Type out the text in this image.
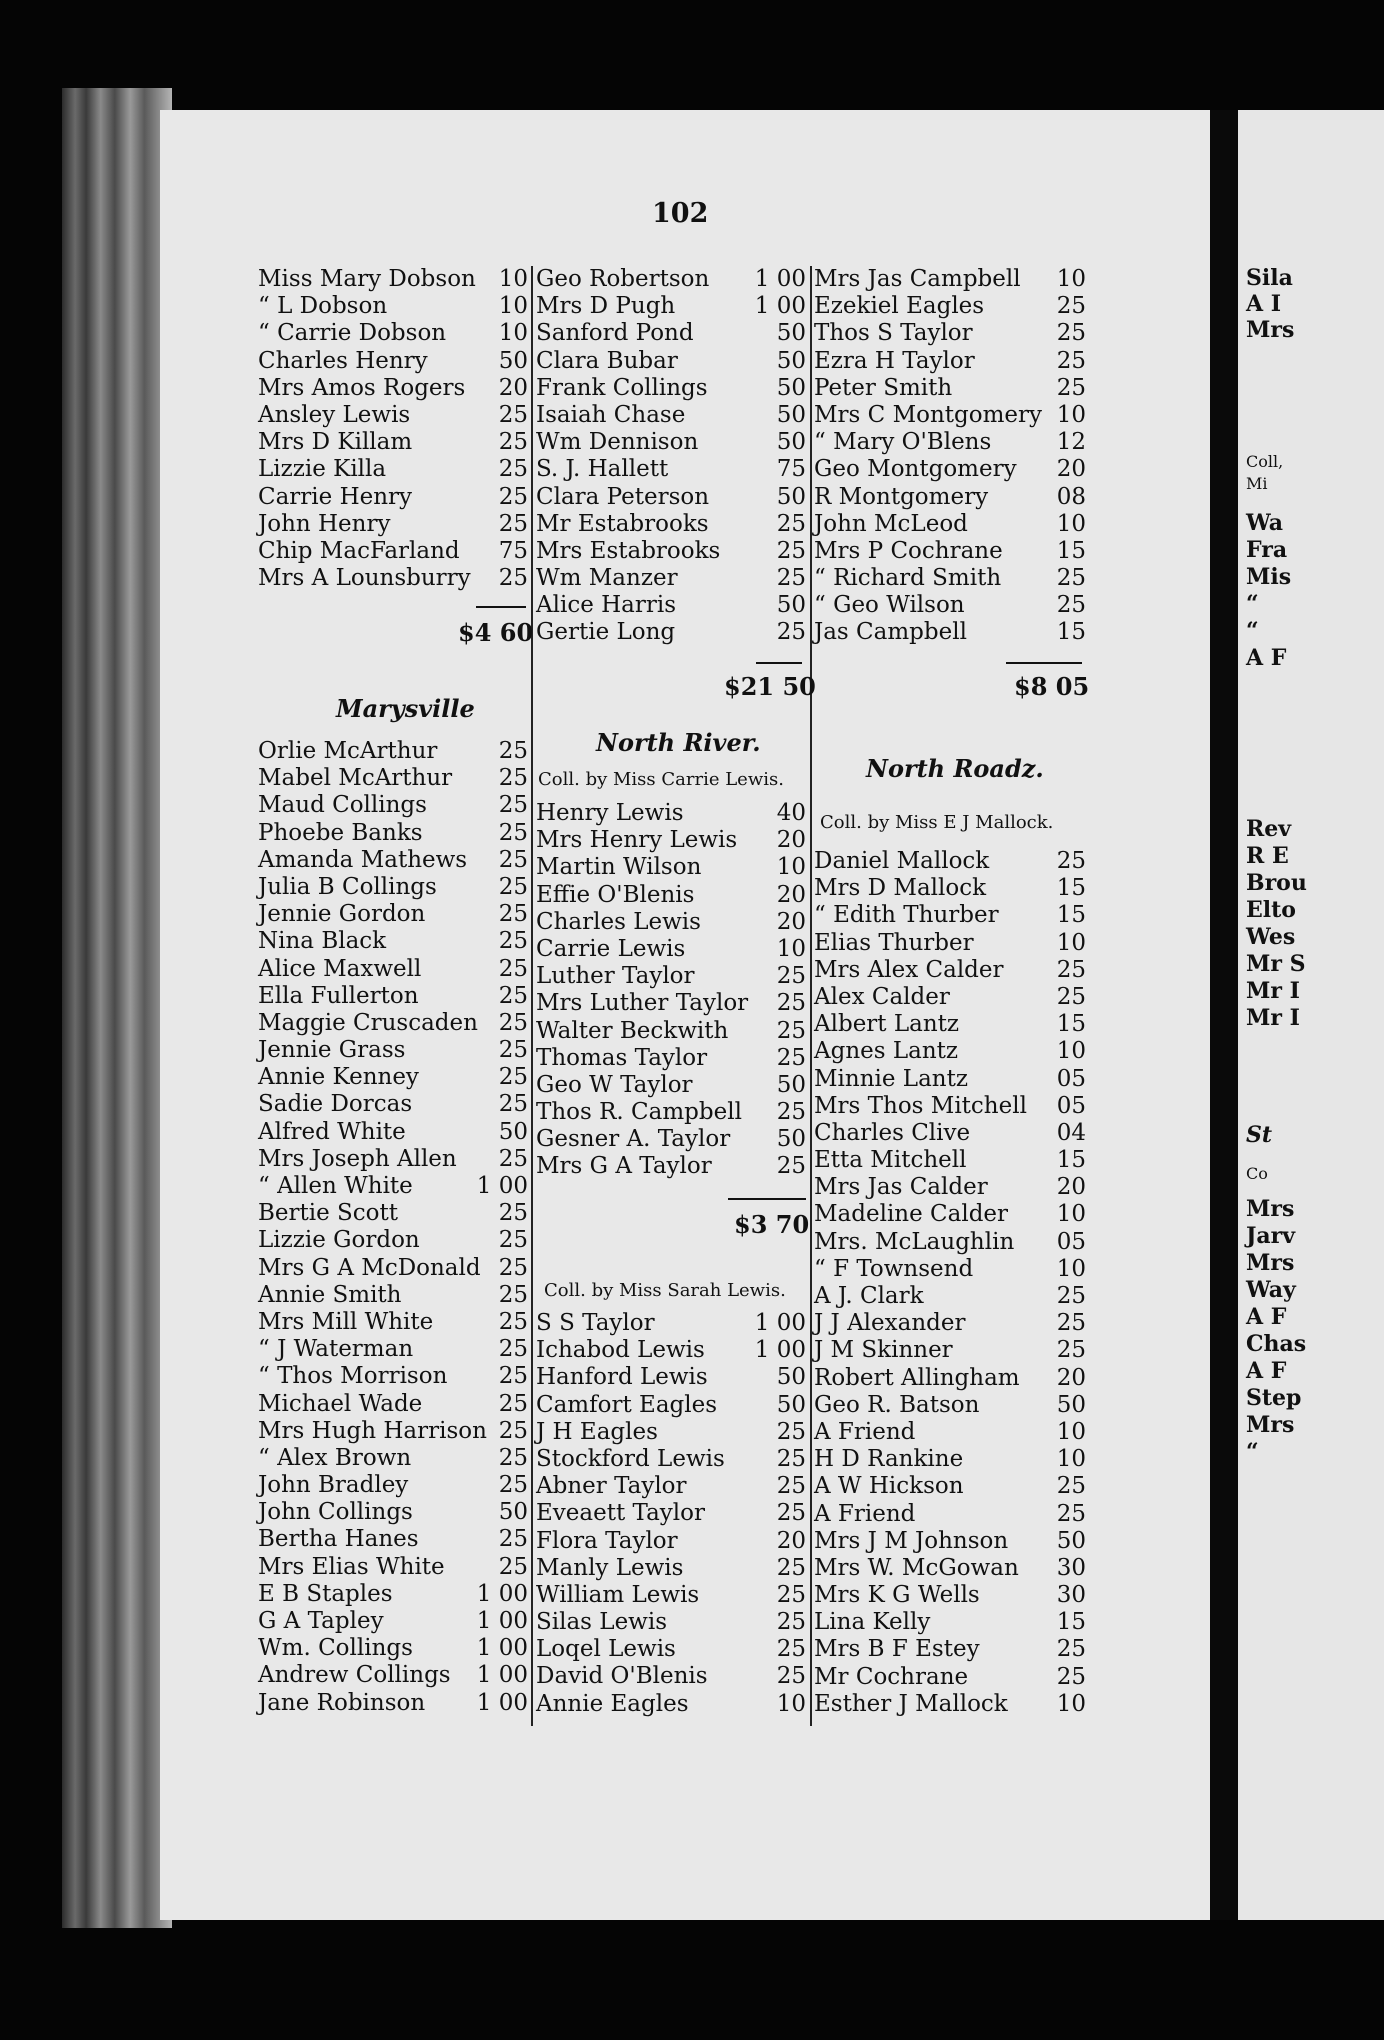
Sila
A I
Mrs
Coll,
Mi
Wa
Fra
Mis
“
“
A F
Rev
R E
Brou
Elto
Wes
Mr S
Mr I
Mr I
St
Co
Mrs
Jarv
Mrs
Way
A F
Chas
A F
Step
Mrs
“
102
Miss Mary Dobson 10
“ L Dobson	10
“ Carrie Dobson 10
Charles Henry	50
Mrs Amos Rogers 20
Ansley Lewis	25
Mrs D Killam	25
Lizzie Killa	25
Carrie Henry	25
John Henry	25
Chip MacFarland 75
Mrs A Lounsburry 25
$4 60
Marysville
Orlie McArthur	25
Mabel McArthur 25
Maud Collings	25
Phoebe Banks	25
Amanda Mathews 25
Julia B Collings	25
Jennie Gordon	25
Nina Black	25
Alice Maxwell	25
Ella Fullerton	25
Maggie Cruscaden 25
Jennie Grass	25
Annie Kenney	25
Sadie Dorcas	25
Alfred White	50
Mrs Joseph Allen 25
“ Allen White	1 00
Bertie Scott	25
Lizzie Gordon	25
Mrs G A McDonald 25
Annie Smith	25
Mrs Mill White	25
“ J Waterman	25
“ Thos Morrison 25
Michael Wade	25
Mrs Hugh Harrison 25
“ Alex Brown	25
John Bradley	25
John Collings	50
Bertha Hanes	25
Mrs Elias White 25
E B Staples	1 00
G A Tapley	1 00
Wm. Collings	1 00
Andrew Collings 1 00
Jane Robinson 1 00
Geo Robertson 1 00
Mrs D Pugh	1 00
Sanford Pond	50
Clara Bubar	50
Frank Collings	50
Isaiah Chase	50
Wm Dennison	50
S. J. Hallett	75
Clara Peterson	50
Mr Estabrooks	25
Mrs Estabrooks 25
Wm Manzer	25
Alice Harris	50
Gertie Long	25
$21 50
North River.
Coll. by Miss Carrie Lewis.
Henry Lewis	40
Mrs Henry Lewis 20
Martin Wilson	10
Effie O'Blenis	20
Charles Lewis	20
Carrie Lewis	10
Luther Taylor	25
Mrs Luther Taylor 25
Walter Beckwith 25
Thomas Taylor	25
Geo W Taylor	50
Thos R. Campbell 25
Gesner A. Taylor 50
Mrs G A Taylor	25
$3 70
Coll. by Miss Sarah Lewis.
S S Taylor	1 00
Ichabod Lewis 1 00
Hanford Lewis	50
Camfort Eagles	50
J H Eagles	25
Stockford Lewis 25
Abner Taylor	25
Eveaett Taylor	25
Flora Taylor	20
Manly Lewis	25
William Lewis	25
Silas Lewis	25
Loqel Lewis	25
David O'Blenis	25
Annie Eagles	10
Mrs Jas Campbell 10
Ezekiel Eagles	25
Thos S Taylor	25
Ezra H Taylor	25
Peter Smith	25
Mrs C Montgomery 10
“ Mary O'Blens	12
Geo Montgomery 20
R Montgomery	08
John McLeod	10
Mrs P Cochrane 15
“ Richard Smith 25
“ Geo Wilson	25
Jas Campbell	15
$8 05
North Roadz.
Coll. by Miss E J Mallock.
Daniel Mallock	25
Mrs D Mallock	15
“ Edith Thurber	15
Elias Thurber	10
Mrs Alex Calder 25
Alex Calder	25
Albert Lantz	15
Agnes Lantz	10
Minnie Lantz	05
Mrs Thos Mitchell 05
Charles Clive	04
Etta Mitchell	15
Mrs Jas Calder	20
Madeline Calder 10
Mrs. McLaughlin 05
“ F Townsend	10
A J. Clark	25
J J Alexander	25
J M Skinner	25
Robert Allingham 20
Geo R. Batson	50
A Friend	10
H D Rankine	10
A W Hickson	25
A Friend	25
Mrs J M Johnson 50
Mrs W. McGowan 30
Mrs K G Wells	30
Lina Kelly	15
Mrs B F Estey	25
Mr Cochrane	25
Esther J Mallock 10
